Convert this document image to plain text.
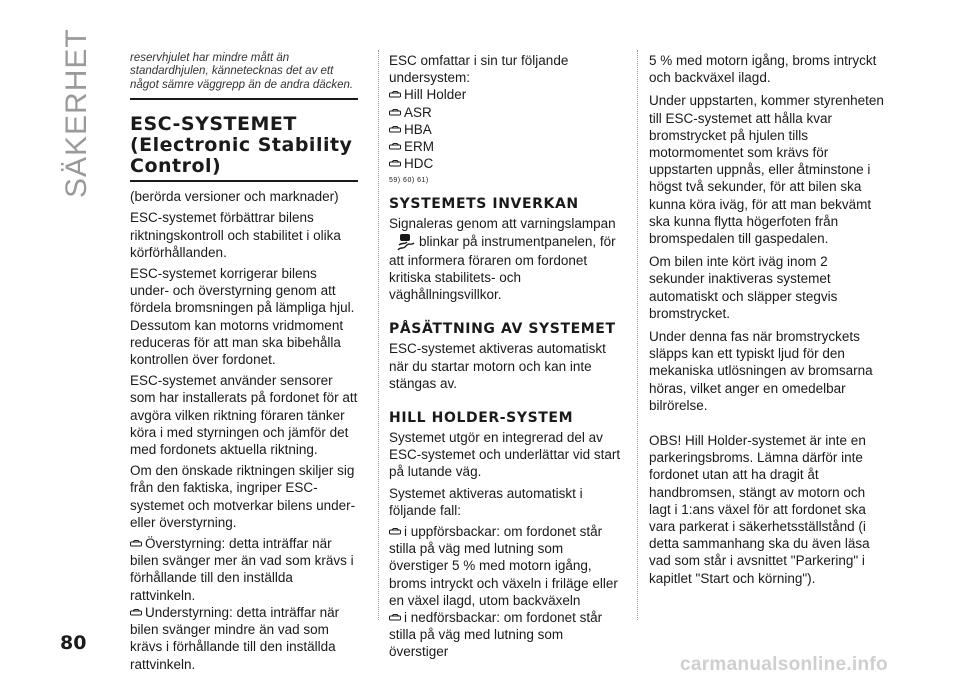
SÄKERHET	reservhjulet har mindre mått än standardhjulen, kännetecknas det av ett något sämre väggrepp än de andra däcken.

ESC-SYSTEMET (Electronic Stability Control)

(berörda versioner och marknader)

ESC-systemet förbättrar bilens riktningskontroll och stabilitet i olika körförhållanden.

ESC-systemet korrigerar bilens under- och överstyrning genom att fördela bromsningen på lämpliga hjul. Dessutom kan motorns vridmoment reduceras för att man ska bibehålla kontrollen över fordonet.

ESC-systemet använder sensorer som har installerats på fordonet för att avgöra vilken riktning föraren tänker köra i med styrningen och jämför det med fordonets aktuella riktning.

Om den önskade riktningen skiljer sig från den faktiska, ingriper ESC-systemet och motverkar bilens under- eller överstyrning.

Överstyrning: detta inträffar när bilen svänger mer än vad som krävs i förhållande till den inställda rattvinkeln.

Understyrning: detta inträffar när bilen svänger mindre än vad som krävs i förhållande till den inställda rattvinkeln.

ESC omfattar i sin tur följande undersystem:

Hill Holder

ASR

HBA

ERM

HDC

59) 60) 61)

SYSTEMETS INVERKAN

Signaleras genom att varningslampan

blinkar på instrumentpanelen, för att informera föraren om fordonet kritiska stabilitets- och väghållningsvillkor.

PÅSÄTTNING AV SYSTEMET

ESC-systemet aktiveras automatiskt när du startar motorn och kan inte stängas av.

HILL HOLDER-SYSTEM

Systemet utgör en integrerad del av ESC-systemet och underlättar vid start på lutande väg.

Systemet aktiveras automatiskt i följande fall:

i uppförsbackar: om fordonet står stilla på väg med lutning som överstiger 5 % med motorn igång, broms intryckt och växeln i friläge eller en växel ilagd, utom backväxeln

i nedförsbackar: om fordonet står stilla på väg med lutning som överstiger

5 % med motorn igång, broms intryckt och backväxel ilagd.

Under uppstarten, kommer styrenheten till ESC-systemet att hålla kvar bromstrycket på hjulen tills motormomentet som krävs för uppstarten uppnås, eller åtminstone i högst två sekunder, för att bilen ska kunna köra iväg, för att man bekvämt ska kunna flytta högerfoten från bromspedalen till gaspedalen.

Om bilen inte kört iväg inom 2 sekunder inaktiveras systemet automatiskt och släpper stegvis bromstrycket.

Under denna fas när bromstryckets släpps kan ett typiskt ljud för den mekaniska utlösningen av bromsarna höras, vilket anger en omedelbar bilrörelse.

OBS! Hill Holder-systemet är inte en parkeringsbroms. Lämna därför inte fordonet utan att ha dragit åt handbromsen, stängt av motorn och lagt i 1:ans växel för att fordonet ska vara parkerat i säkerhetsställstånd (i detta sammanhang ska du även läsa vad som står i avsnittet "Parkering" i kapitlet "Start och körning").

80
carmanualsonline.info
